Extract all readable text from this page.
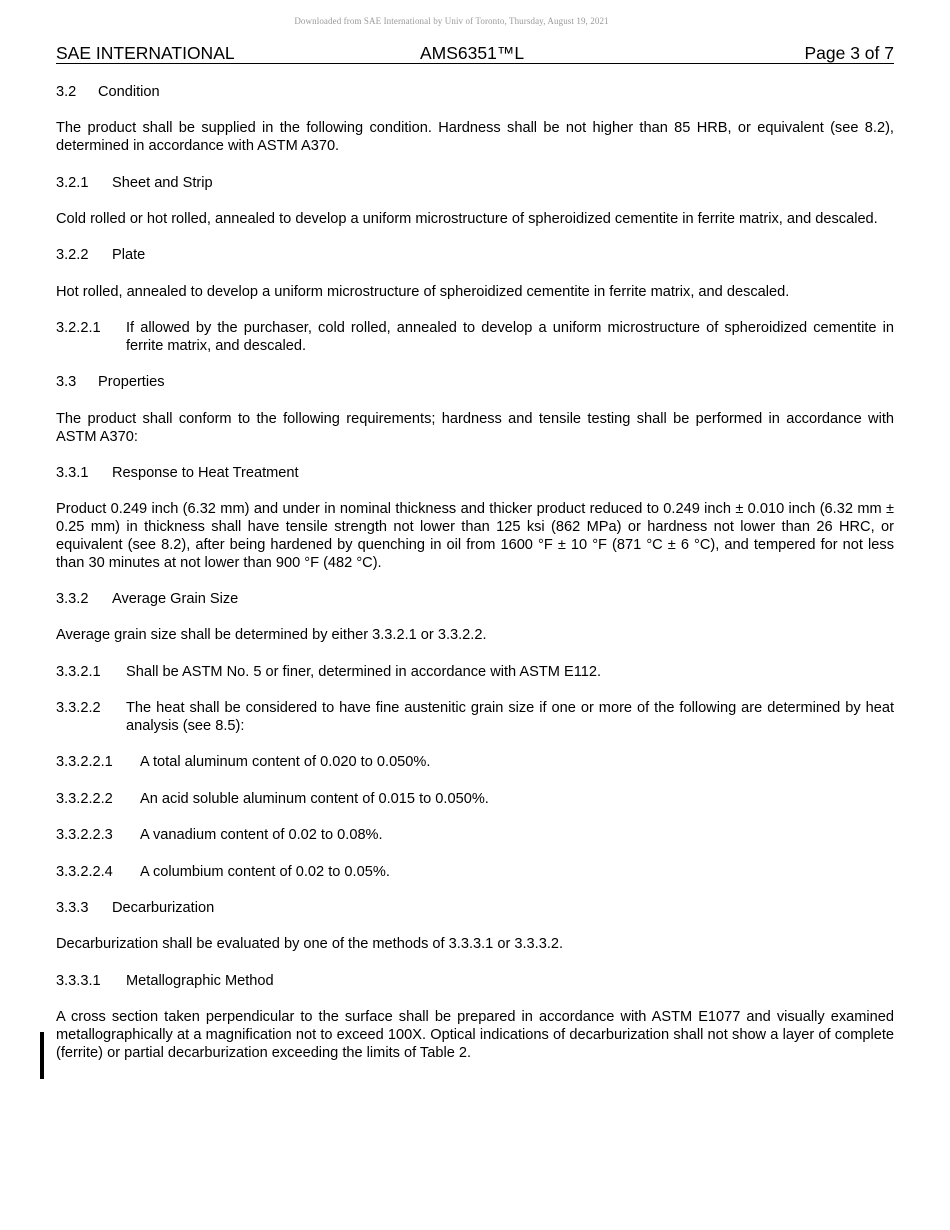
Downloaded from SAE International by Univ of Toronto, Thursday, August 19, 2021
SAE INTERNATIONAL	AMS6351™L	Page 3 of 7
3.2 Condition
The product shall be supplied in the following condition. Hardness shall be not higher than 85 HRB, or equivalent (see 8.2), determined in accordance with ASTM A370.
3.2.1 Sheet and Strip
Cold rolled or hot rolled, annealed to develop a uniform microstructure of spheroidized cementite in ferrite matrix, and descaled.
3.2.2 Plate
Hot rolled, annealed to develop a uniform microstructure of spheroidized cementite in ferrite matrix, and descaled.
3.2.2.1	If allowed by the purchaser, cold rolled, annealed to develop a uniform microstructure of spheroidized cementite in ferrite matrix, and descaled.
3.3 Properties
The product shall conform to the following requirements; hardness and tensile testing shall be performed in accordance with ASTM A370:
3.3.1 Response to Heat Treatment
Product 0.249 inch (6.32 mm) and under in nominal thickness and thicker product reduced to 0.249 inch ± 0.010 inch (6.32 mm ± 0.25 mm) in thickness shall have tensile strength not lower than 125 ksi (862 MPa) or hardness not lower than 26 HRC, or equivalent (see 8.2), after being hardened by quenching in oil from 1600 °F ± 10 °F (871 °C ± 6 °C), and tempered for not less than 30 minutes at not lower than 900 °F (482 °C).
3.3.2 Average Grain Size
Average grain size shall be determined by either 3.3.2.1 or 3.3.2.2.
3.3.2.1	Shall be ASTM No. 5 or finer, determined in accordance with ASTM E112.
3.3.2.2	The heat shall be considered to have fine austenitic grain size if one or more of the following are determined by heat analysis (see 8.5):
3.3.2.2.1	A total aluminum content of 0.020 to 0.050%.
3.3.2.2.2	An acid soluble aluminum content of 0.015 to 0.050%.
3.3.2.2.3	A vanadium content of 0.02 to 0.08%.
3.3.2.2.4	A columbium content of 0.02 to 0.05%.
3.3.3 Decarburization
Decarburization shall be evaluated by one of the methods of 3.3.3.1 or 3.3.3.2.
3.3.3.1 Metallographic Method
A cross section taken perpendicular to the surface shall be prepared in accordance with ASTM E1077 and visually examined metallographically at a magnification not to exceed 100X. Optical indications of decarburization shall not show a layer of complete (ferrite) or partial decarburization exceeding the limits of Table 2.
